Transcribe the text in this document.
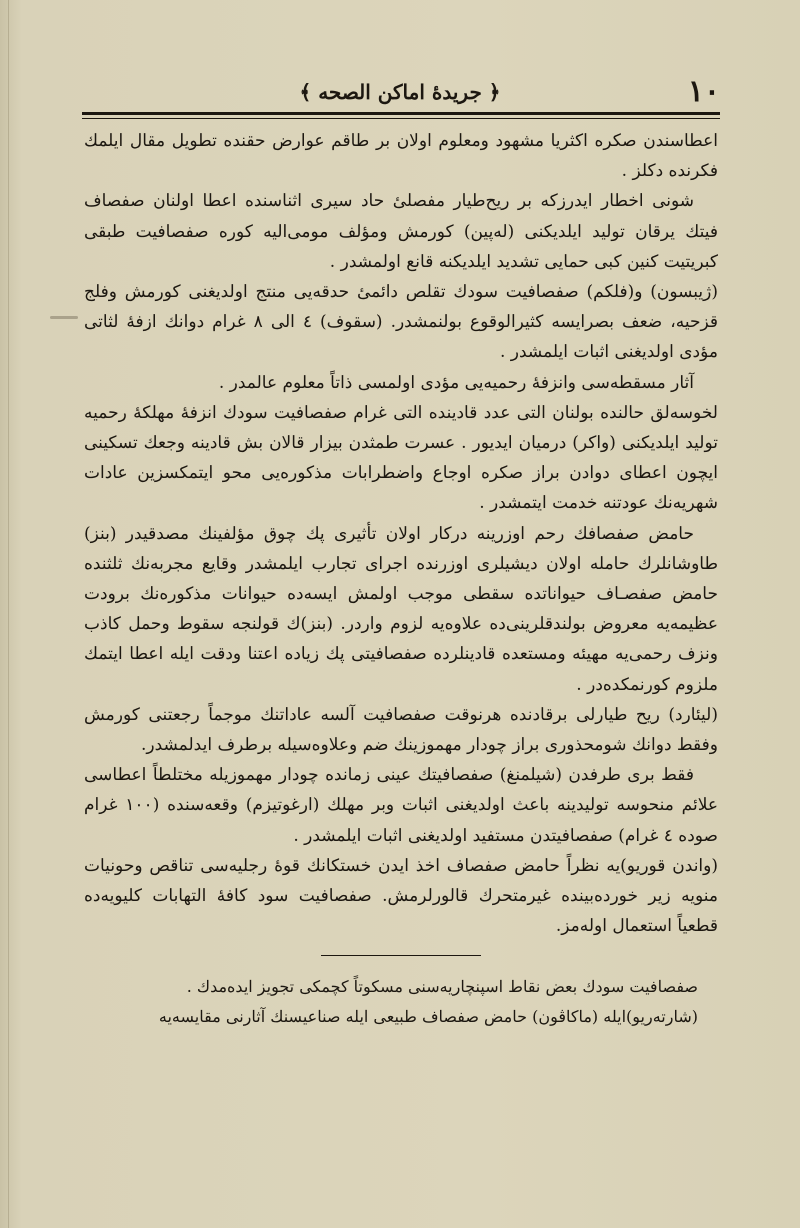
١٠
﴿ جريدهٔ اماكن الصحه ﴾

اعطاسندن صكره اكثريا مشهود ومعلوم اولان بر طاقم عوارض حقنده تطويل مقال ايلمك فكرنده دكلز .

شونى اخطار ايدرزكه بر ريح‌طيار مفصلیٔ حاد سيرى اثناسنده اعطا اولنان صفصاف فيتك يرقان توليد ايلديكنى (له‌پين) كورمش ومؤلف مومى‌اليه كوره صفصافيت طبقى كبريتيت كنين كبى حمايى تشديد ايلديكنه قانع اولمشدر .

(ژيبسون) و(فلكم) صفصافيت سودك تقلص دائمیٔ حدقه‌يى منتج اولديغنى كورمش وفلج قزحيه، ضعف بصرايسه كثيرالوقوع بولنمشدر. (سقوف) ٤ الى ٨ غرام دوانك ازفهٔ لثاتى مؤدى اولديغنى اثبات ايلمشدر .

آثار مسقطه‌سى وانزفهٔ رحميه‌يى مؤدى اولمسى ذاتاً معلوم عالمدر .

لخوسه‌لق حالنده بولنان التى عدد قادينده التى غرام صفصافيت سودك انزفهٔ مهلكهٔ رحميه توليد ايلديكنى (واكر) درميان ايديور . عسرت طمثدن بيزار قالان بش قادينه وجعك تسكينى ايچون اعطاى دوادن براز صكره اوجاع واضطرابات مذكوره‌يى محو ايتمكسزين عادات شهريه‌نك عودتنه خدمت ايتمشدر .

حامض صفصافك رحم اوزرينه دركار اولان تأثيرى پك چوق مؤلفينك مصدقيدر (بنز) طاوشانلرك حامله اولان ديشيلرى اوزرنده اجراى تجارب ايلمشدر وقايع مجربه‌نك ثلثنده حامض صفصـاف حيواناتده سقطى موجب اولمش ايسه‌ده حيوانات مذكوره‌نك برودت عظيمه‌يه معروض بولندقلرينى‌ده علاوه‌يه لزوم واردر. (بنز)ك قولنجه سقوط وحمل كاذب ونزف رحمى‌يه مهيئه ومستعده قادينلرده صفصافيتى پك زياده اعتنا ودقت ايله اعطا ايتمك ملزوم كورنمكده‌در .

(ليئارد) ريح طيارلى برقادنده هرنوقت صفصافيت آلسه عاداتنك موجماً رجعتنى كورمش وفقط دوانك شومحذورى براز چودار مهموزينك ضم وعلاوه‌سيله برطرف ايدلمشدر.

فقط برى طرفدن (شيلمنغ) صفصافيتك عينى زمانده چودار مهموزيله مختلطاً اعطاسى علائم منحوسه توليدينه باعث اولديغنى اثبات وبر مهلك (ارغوتيزم) وقعه‌سنده (١٠٠ غرام صوده ٤ غرام) صفصافيتدن مستفيد اولديغنى اثبات ايلمشدر .

(واندن قوريو)يه نظراً حامض صفصاف اخذ ايدن خستكانك قوهٔ رجليه‌سى تناقص وحونيات منويه زير خورده‌بينده غيرمتحرك قالورلرمش. صفصافيت سود كافهٔ التهابات كليويه‌ده قطعياً استعمال اوله‌مز.

صفصافيت سودك بعض نقاط اسپنچاريه‌سنى مسكوتاً كچمكى تجويز ايده‌مدك .

(شارته‌ريو)ايله (ماكاڤون) حامض صفصاف طبيعى ايله صناعيسنك آثارنى مقايسه‌يه
